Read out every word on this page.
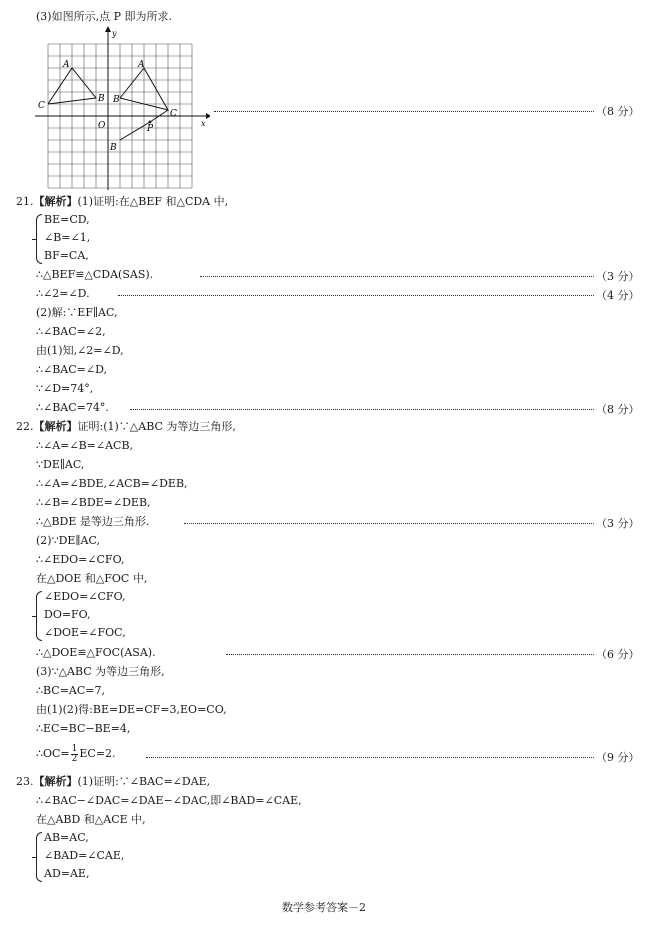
(3)如图所示,点 P 即为所求.
y
x
O
A
B
C
A
B
C
B
P
（8 分）
21.【解析】(1)证明:在△BEF 和△CDA 中,
BE=CD,
∠B=∠1,
BF=CA,
∴△BEF≌△CDA(SAS).	（3 分）
∴∠2=∠D.	（4 分）
(2)解:∵EF∥AC,
∴∠BAC=∠2,
由(1)知,∠2=∠D,
∴∠BAC=∠D,
∵∠D=74°,
∴∠BAC=74°.	（8 分）
22.【解析】证明:(1)∵△ABC 为等边三角形,
∴∠A=∠B=∠ACB,
∵DE∥AC,
∴∠A=∠BDE,∠ACB=∠DEB,
∴∠B=∠BDE=∠DEB,
∴△BDE 是等边三角形.	（3 分）
(2)∵DE∥AC,
∴∠EDO=∠CFO,
在△DOE 和△FOC 中,
∠EDO=∠CFO,
DO=FO,
∠DOE=∠FOC,
∴△DOE≌△FOC(ASA).	（6 分）
(3)∵△ABC 为等边三角形,
∴BC=AC=7,
由(1)(2)得:BE=DE=CF=3,EO=CO,
∴EC=BC−BE=4,
∴OC= $\frac{1}{2} EC=2$.	（9 分）
23.【解析】(1)证明:∵∠BAC=∠DAE,
∴∠BAC−∠DAC=∠DAE−∠DAC,即∠BAD=∠CAE,
在△ABD 和△ACE 中,
AB=AC,
∠BAD=∠CAE,
AD=AE,
数学参考答案－2
